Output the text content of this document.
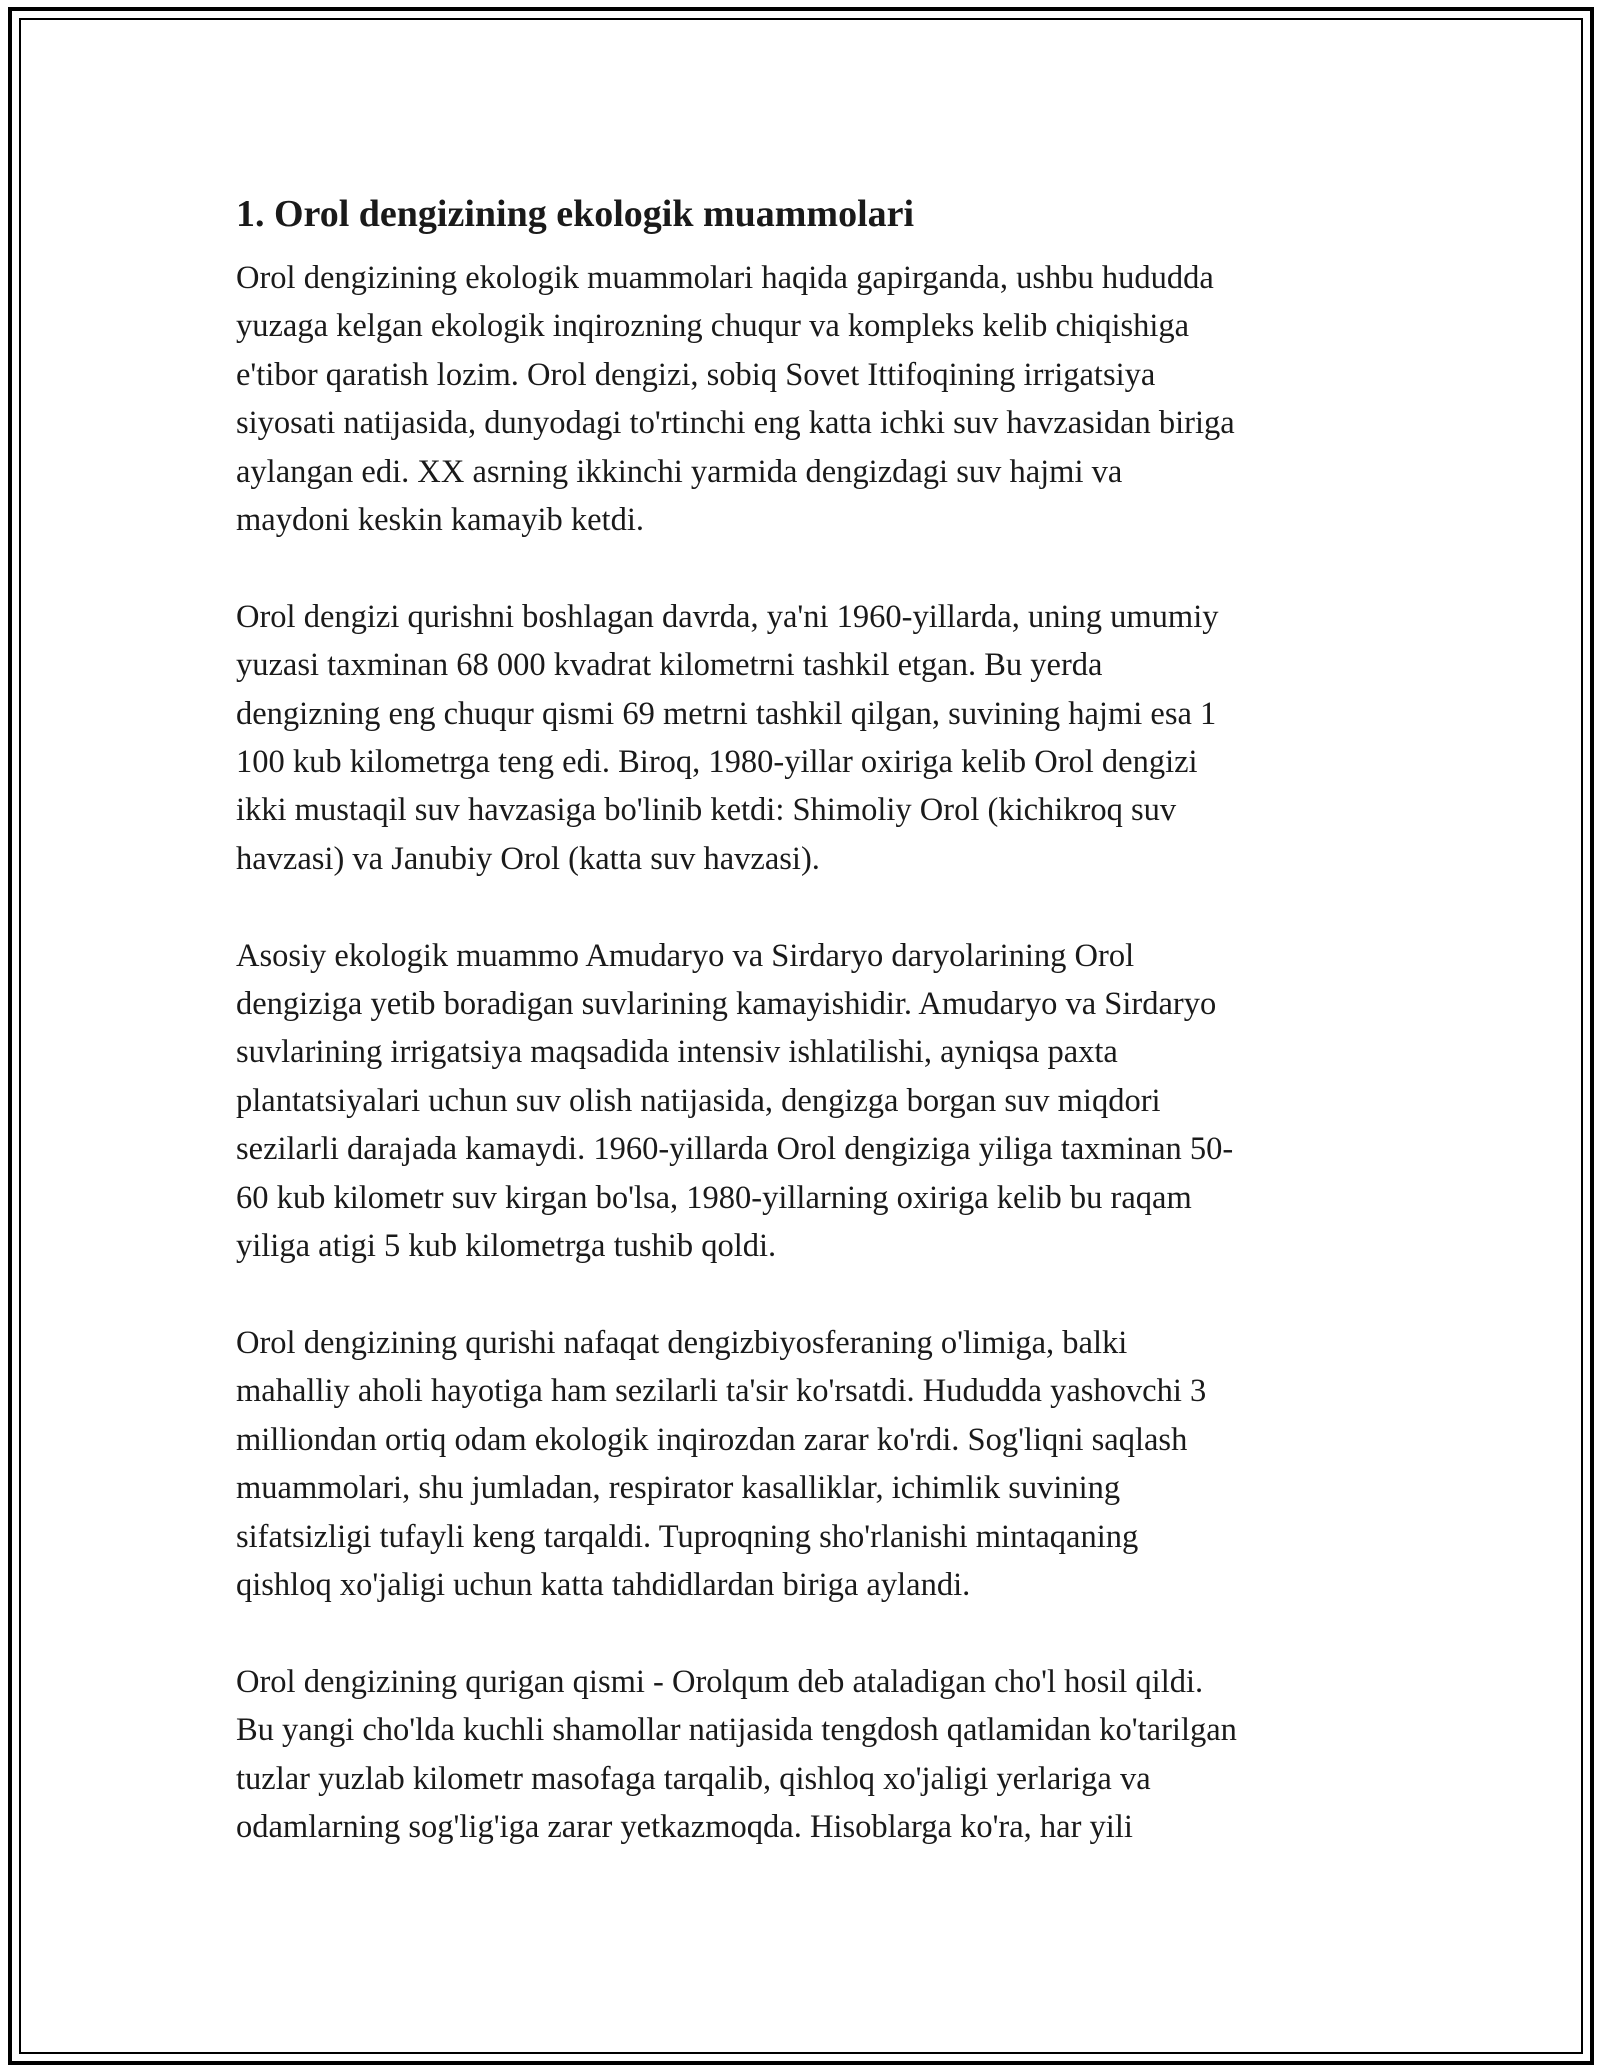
1. Orol dengizining ekologik muammolari

Orol dengizining ekologik muammolari haqida gapirganda, ushbu hududda
yuzaga kelgan ekologik inqirozning chuqur va kompleks kelib chiqishiga
e'tibor qaratish lozim. Orol dengizi, sobiq Sovet Ittifoqining irrigatsiya
siyosati natijasida, dunyodagi to'rtinchi eng katta ichki suv havzasidan biriga
aylangan edi. XX asrning ikkinchi yarmida dengizdagi suv hajmi va
maydoni keskin kamayib ketdi.

Orol dengizi qurishni boshlagan davrda, ya'ni 1960-yillarda, uning umumiy
yuzasi taxminan 68 000 kvadrat kilometrni tashkil etgan. Bu yerda
dengizning eng chuqur qismi 69 metrni tashkil qilgan, suvining hajmi esa 1
100 kub kilometrga teng edi. Biroq, 1980-yillar oxiriga kelib Orol dengizi
ikki mustaqil suv havzasiga bo'linib ketdi: Shimoliy Orol (kichikroq suv
havzasi) va Janubiy Orol (katta suv havzasi).

Asosiy ekologik muammo Amudaryo va Sirdaryo daryolarining Orol
dengiziga yetib boradigan suvlarining kamayishidir. Amudaryo va Sirdaryo
suvlarining irrigatsiya maqsadida intensiv ishlatilishi, ayniqsa paxta
plantatsiyalari uchun suv olish natijasida, dengizga borgan suv miqdori
sezilarli darajada kamaydi. 1960-yillarda Orol dengiziga yiliga taxminan 50-
60 kub kilometr suv kirgan bo'lsa, 1980-yillarning oxiriga kelib bu raqam
yiliga atigi 5 kub kilometrga tushib qoldi.

Orol dengizining qurishi nafaqat dengizbiyosferaning o'limiga, balki
mahalliy aholi hayotiga ham sezilarli ta'sir ko'rsatdi. Hududda yashovchi 3
milliondan ortiq odam ekologik inqirozdan zarar ko'rdi. Sog'liqni saqlash
muammolari, shu jumladan, respirator kasalliklar, ichimlik suvining
sifatsizligi tufayli keng tarqaldi. Tuproqning sho'rlanishi mintaqaning
qishloq xo'jaligi uchun katta tahdidlardan biriga aylandi.

Orol dengizining qurigan qismi - Orolqum deb ataladigan cho'l hosil qildi.
Bu yangi cho'lda kuchli shamollar natijasida tengdosh qatlamidan ko'tarilgan
tuzlar yuzlab kilometr masofaga tarqalib, qishloq xo'jaligi yerlariga va
odamlarning sog'lig'iga zarar yetkazmoqda. Hisoblarga ko'ra, har yili
